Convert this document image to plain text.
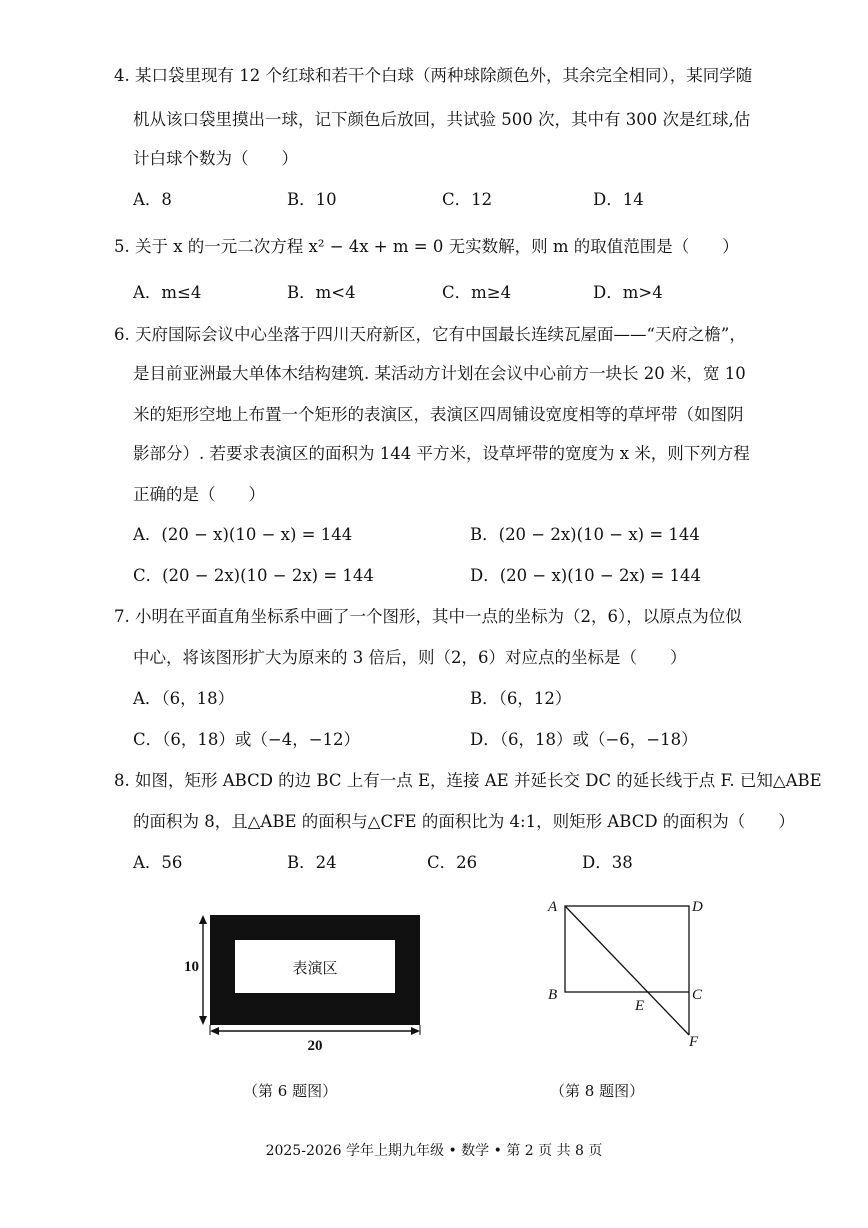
4. 某口袋里现有 12 个红球和若干个白球（两种球除颜色外，其余完全相同），某同学随
机从该口袋里摸出一球，记下颜色后放回，共试验 500 次，其中有 300 次是红球,估
计白球个数为（　　）
A．8	B．10	C．12	D．14
5. 关于 x 的一元二次方程 x² − 4x + m = 0 无实数解，则 m 的取值范围是（　　）
A．m≤4	B．m<4	C．m≥4	D．m>4
6. 天府国际会议中心坐落于四川天府新区，它有中国最长连续瓦屋面——“天府之檐”，
是目前亚洲最大单体木结构建筑. 某活动方计划在会议中心前方一块长 20 米，宽 10
米的矩形空地上布置一个矩形的表演区，表演区四周铺设宽度相等的草坪带（如图阴
影部分）. 若要求表演区的面积为 144 平方米，设草坪带的宽度为 x 米，则下列方程
正确的是（　　）
A．(20 − x)(10 − x) = 144	B．(20 − 2x)(10 − x) = 144
C．(20 − 2x)(10 − 2x) = 144	D．(20 − x)(10 − 2x) = 144
7. 小明在平面直角坐标系中画了一个图形，其中一点的坐标为（2，6），以原点为位似
中心，将该图形扩大为原来的 3 倍后，则（2，6）对应点的坐标是（　　）
A．（6，18）	B．（6，12）
C．（6，18）或（−4，−12）	D．（6，18）或（−6，−18）
8. 如图，矩形 ABCD 的边 BC 上有一点 E，连接 AE 并延长交 DC 的延长线于点 F. 已知△ABE
的面积为 8，且△ABE 的面积与△CFE 的面积比为 4:1，则矩形 ABCD 的面积为（　　）
A．56	B．24	C．26	D．38
表演区
10
20
（第 6 题图）
A	D
B	C
E
F
（第 8 题图）
2025-2026 学年上期九年级 • 数学 • 第 2 页 共 8 页
